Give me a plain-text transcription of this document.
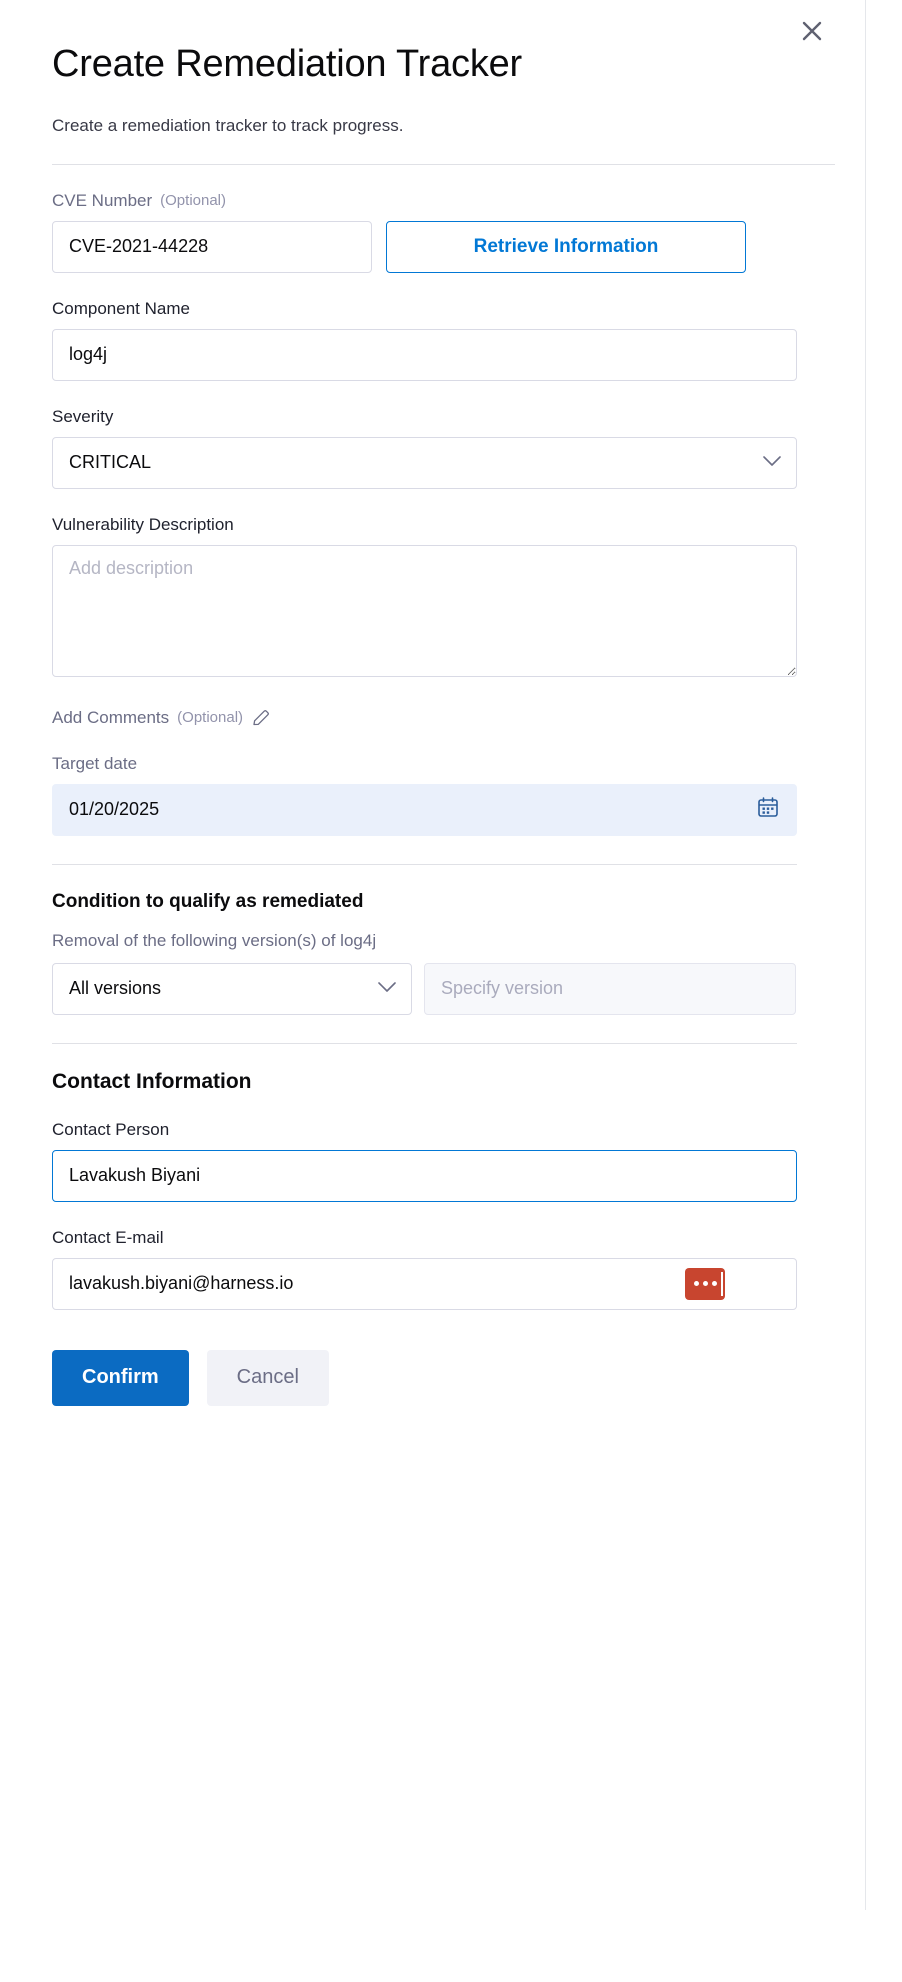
Create Remediation Tracker
Create a remediation tracker to track progress.
CVE Number (Optional)
CVE-2021-44228
Retrieve Information
Component Name
log4j
Severity
CRITICAL
Vulnerability Description
Add description
Add Comments (Optional)
Target date
01/20/2025
Condition to qualify as remediated
Removal of the following version(s) of log4j
All versions
Specify version
Contact Information
Contact Person
Lavakush Biyani
Contact E-mail
lavakush.biyani@harness.io
Confirm	Cancel
